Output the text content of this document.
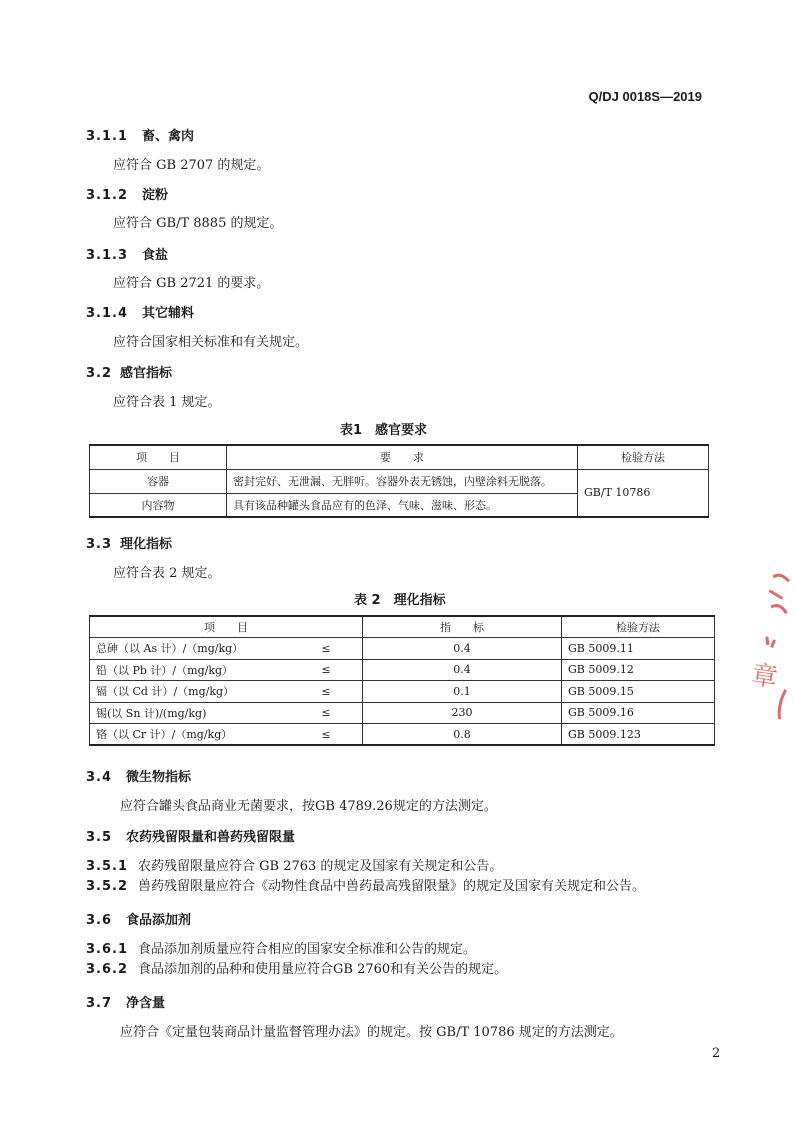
Q/DJ 0018S—2019
3.1.1 畜、禽肉
应符合 GB 2707 的规定。
3.1.2 淀粉
应符合 GB/T 8885 的规定。
3.1.3 食盐
应符合 GB 2721 的要求。
3.1.4 其它辅料
应符合国家相关标准和有关规定。
3.2 感官指标
应符合表 1 规定。
表1　感官要求
项　　目	要　　求	检验方法
容器	密封完好、无泄漏、无胖听。容器外表无锈蚀，内壁涂料无脱落。	GB/T 10786
内容物	具有该品种罐头食品应有的色泽、气味、滋味、形态。	
3.3 理化指标
应符合表 2 规定。
表 2　理化指标
项　　目		指　　标	检验方法
总砷（以 As 计）/（mg/kg）	≤	0.4	GB 5009.11
铅（以 Pb 计）/（mg/kg）	≤	0.4	GB 5009.12
镉（以 Cd 计）/（mg/kg）	≤	0.1	GB 5009.15
锡(以 Sn 计)/(mg/kg)	≤	230	GB 5009.16
铬（以 Cr 计）/（mg/kg）	≤	0.8	GB 5009.123
3.4 微生物指标
应符合罐头食品商业无菌要求，按GB 4789.26规定的方法测定。
3.5 农药残留限量和兽药残留限量
3.5.1 农药残留限量应符合 GB 2763 的规定及国家有关规定和公告。
3.5.2 兽药残留限量应符合《动物性食品中兽药最高残留限量》的规定及国家有关规定和公告。
3.6 食品添加剂
3.6.1 食品添加剂质量应符合相应的国家安全标准和公告的规定。
3.6.2 食品添加剂的品种和使用量应符合GB 2760和有关公告的规定。
3.7 净含量
应符合《定量包装商品计量监督管理办法》的规定。按 GB/T 10786 规定的方法测定。
2
章
